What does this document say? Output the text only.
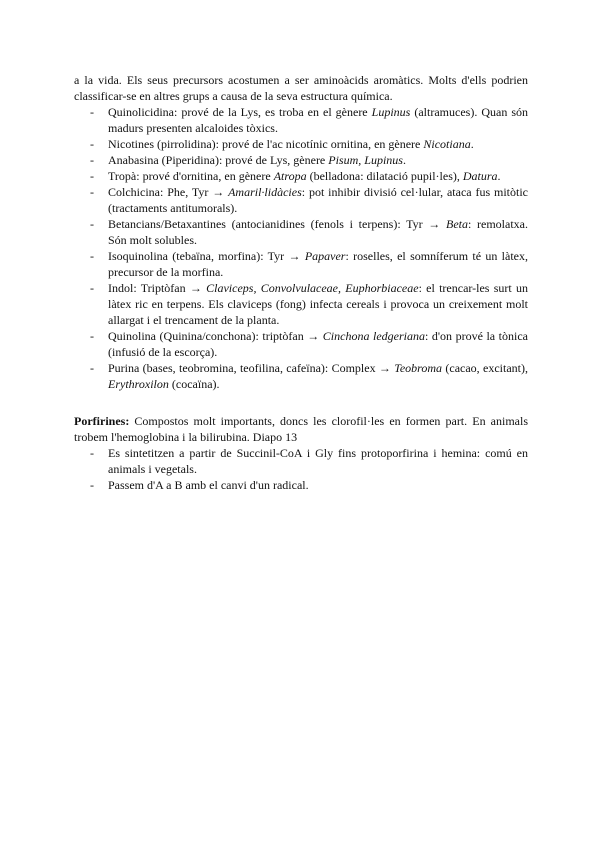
a la vida. Els seus precursors acostumen a ser aminoàcids aromàtics. Molts d'ells podrien classificar-se en altres grups a causa de la seva estructura química.

- Quinolicidina: prové de la Lys, es troba en el gènere Lupinus (altramuces). Quan són madurs presenten alcaloides tòxics.
- Nicotines (pirrolidina): prové de l'ac nicotínic ornitina, en gènere Nicotiana.
- Anabasina (Piperidina): prové de Lys, gènere Pisum, Lupinus.
- Tropà: prové d'ornitina, en gènere Atropa (belladona: dilatació pupil·les), Datura.
- Colchicina: Phe, Tyr → Amaril·lidàcies: pot inhibir divisió cel·lular, ataca fus mitòtic (tractaments antitumorals).
- Betancians/Betaxantines (antocianidines (fenols i terpens): Tyr → Beta: remolatxa. Són molt solubles.
- Isoquinolina (tebaïna, morfina): Tyr → Papaver: roselles, el somníferum té un làtex, precursor de la morfina.
- Indol: Triptòfan → Claviceps, Convolvulaceae, Euphorbiaceae: el trencar-les surt un làtex ric en terpens. Els claviceps (fong) infecta cereals i provoca un creixement molt allargat i el trencament de la planta.
- Quinolina (Quinina/conchona): triptòfan → Cinchona ledgeriana: d'on prové la tònica (infusió de la escorça).
- Purina (bases, teobromina, teofilina, cafeïna): Complex → Teobroma (cacao, excitant), Erythroxilon (cocaïna).

Porfirines: Compostos molt importants, doncs les clorofil·les en formen part. En animals trobem l'hemoglobina i la bilirubina. Diapo 13

- Es sintetitzen a partir de Succinil-CoA i Gly fins protoporfirina i hemina: comú en animals i vegetals.
- Passem d'A a B amb el canvi d'un radical.
